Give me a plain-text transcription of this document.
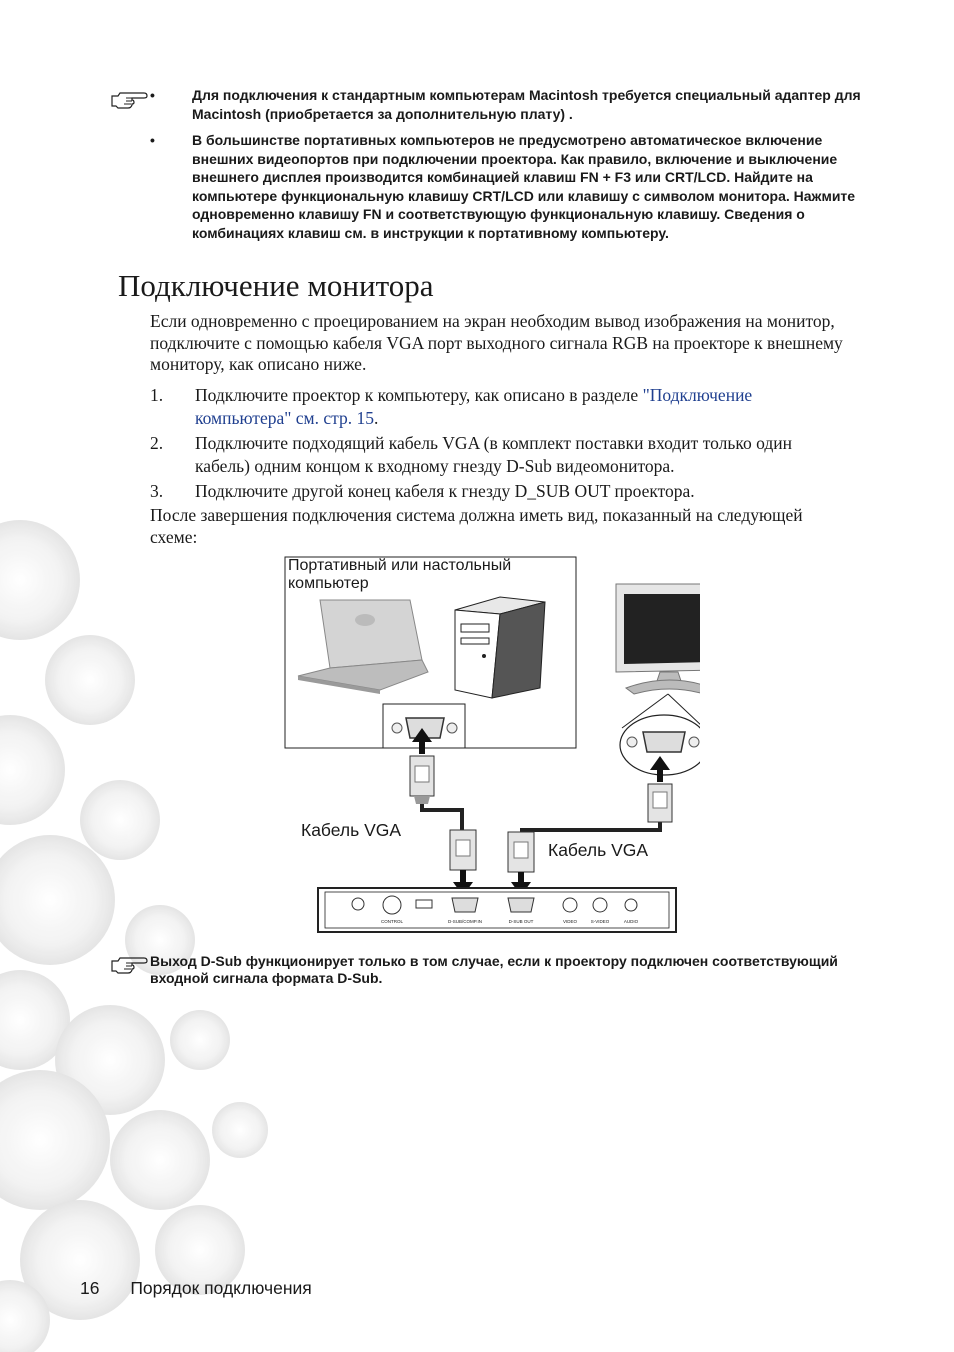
•	Для подключения к стандартным компьютерам Macintosh требуется специальный адаптер для Macintosh (приобретается за дополнительную плату) .
•	В большинстве портативных компьютеров не предусмотрено автоматическое включение внешних видеопортов при подключении проектора. Как правило, включение и выключение внешнего дисплея производится комбинацией клавиш FN + F3 или CRT/LCD. Найдите на компьютере функциональную клавишу CRT/LCD или клавишу с символом монитора. Нажмите одновременно клавишу FN и соответствующую функциональную клавишу. Сведения о комбинациях клавиш см. в инструкции к портативному компьютеру.
Подключение монитора

Если одновременно с проецированием на экран необходим вывод изображения на монитор, подключите с помощью кабеля VGA порт выходного сигнала RGB на проекторе к внешнему монитору, как описано ниже.

1. Подключите проектор к компьютеру, как описано в разделе "Подключение компьютера" см. стр. 15.
2. Подключите подходящий кабель VGA (в комплект поставки входит только один кабель) одним концом к входному гнезду D-Sub видеомонитора.
3. Подключите другой конец кабеля к гнезду D_SUB OUT проектора.

После завершения подключения система должна иметь вид, показанный на следующей схеме:

CONTROL	D-SUB/COMP.IN	D-SUB OUT	VIDEO	S-VIDEO	AUDIO
Портативный или настольный компьютер
Кабель VGA
Кабель VGA
Выход D-Sub функционирует только в том случае, если к проектору подключен соответствующий входной сигнала формата D-Sub.
16 Порядок подключения
